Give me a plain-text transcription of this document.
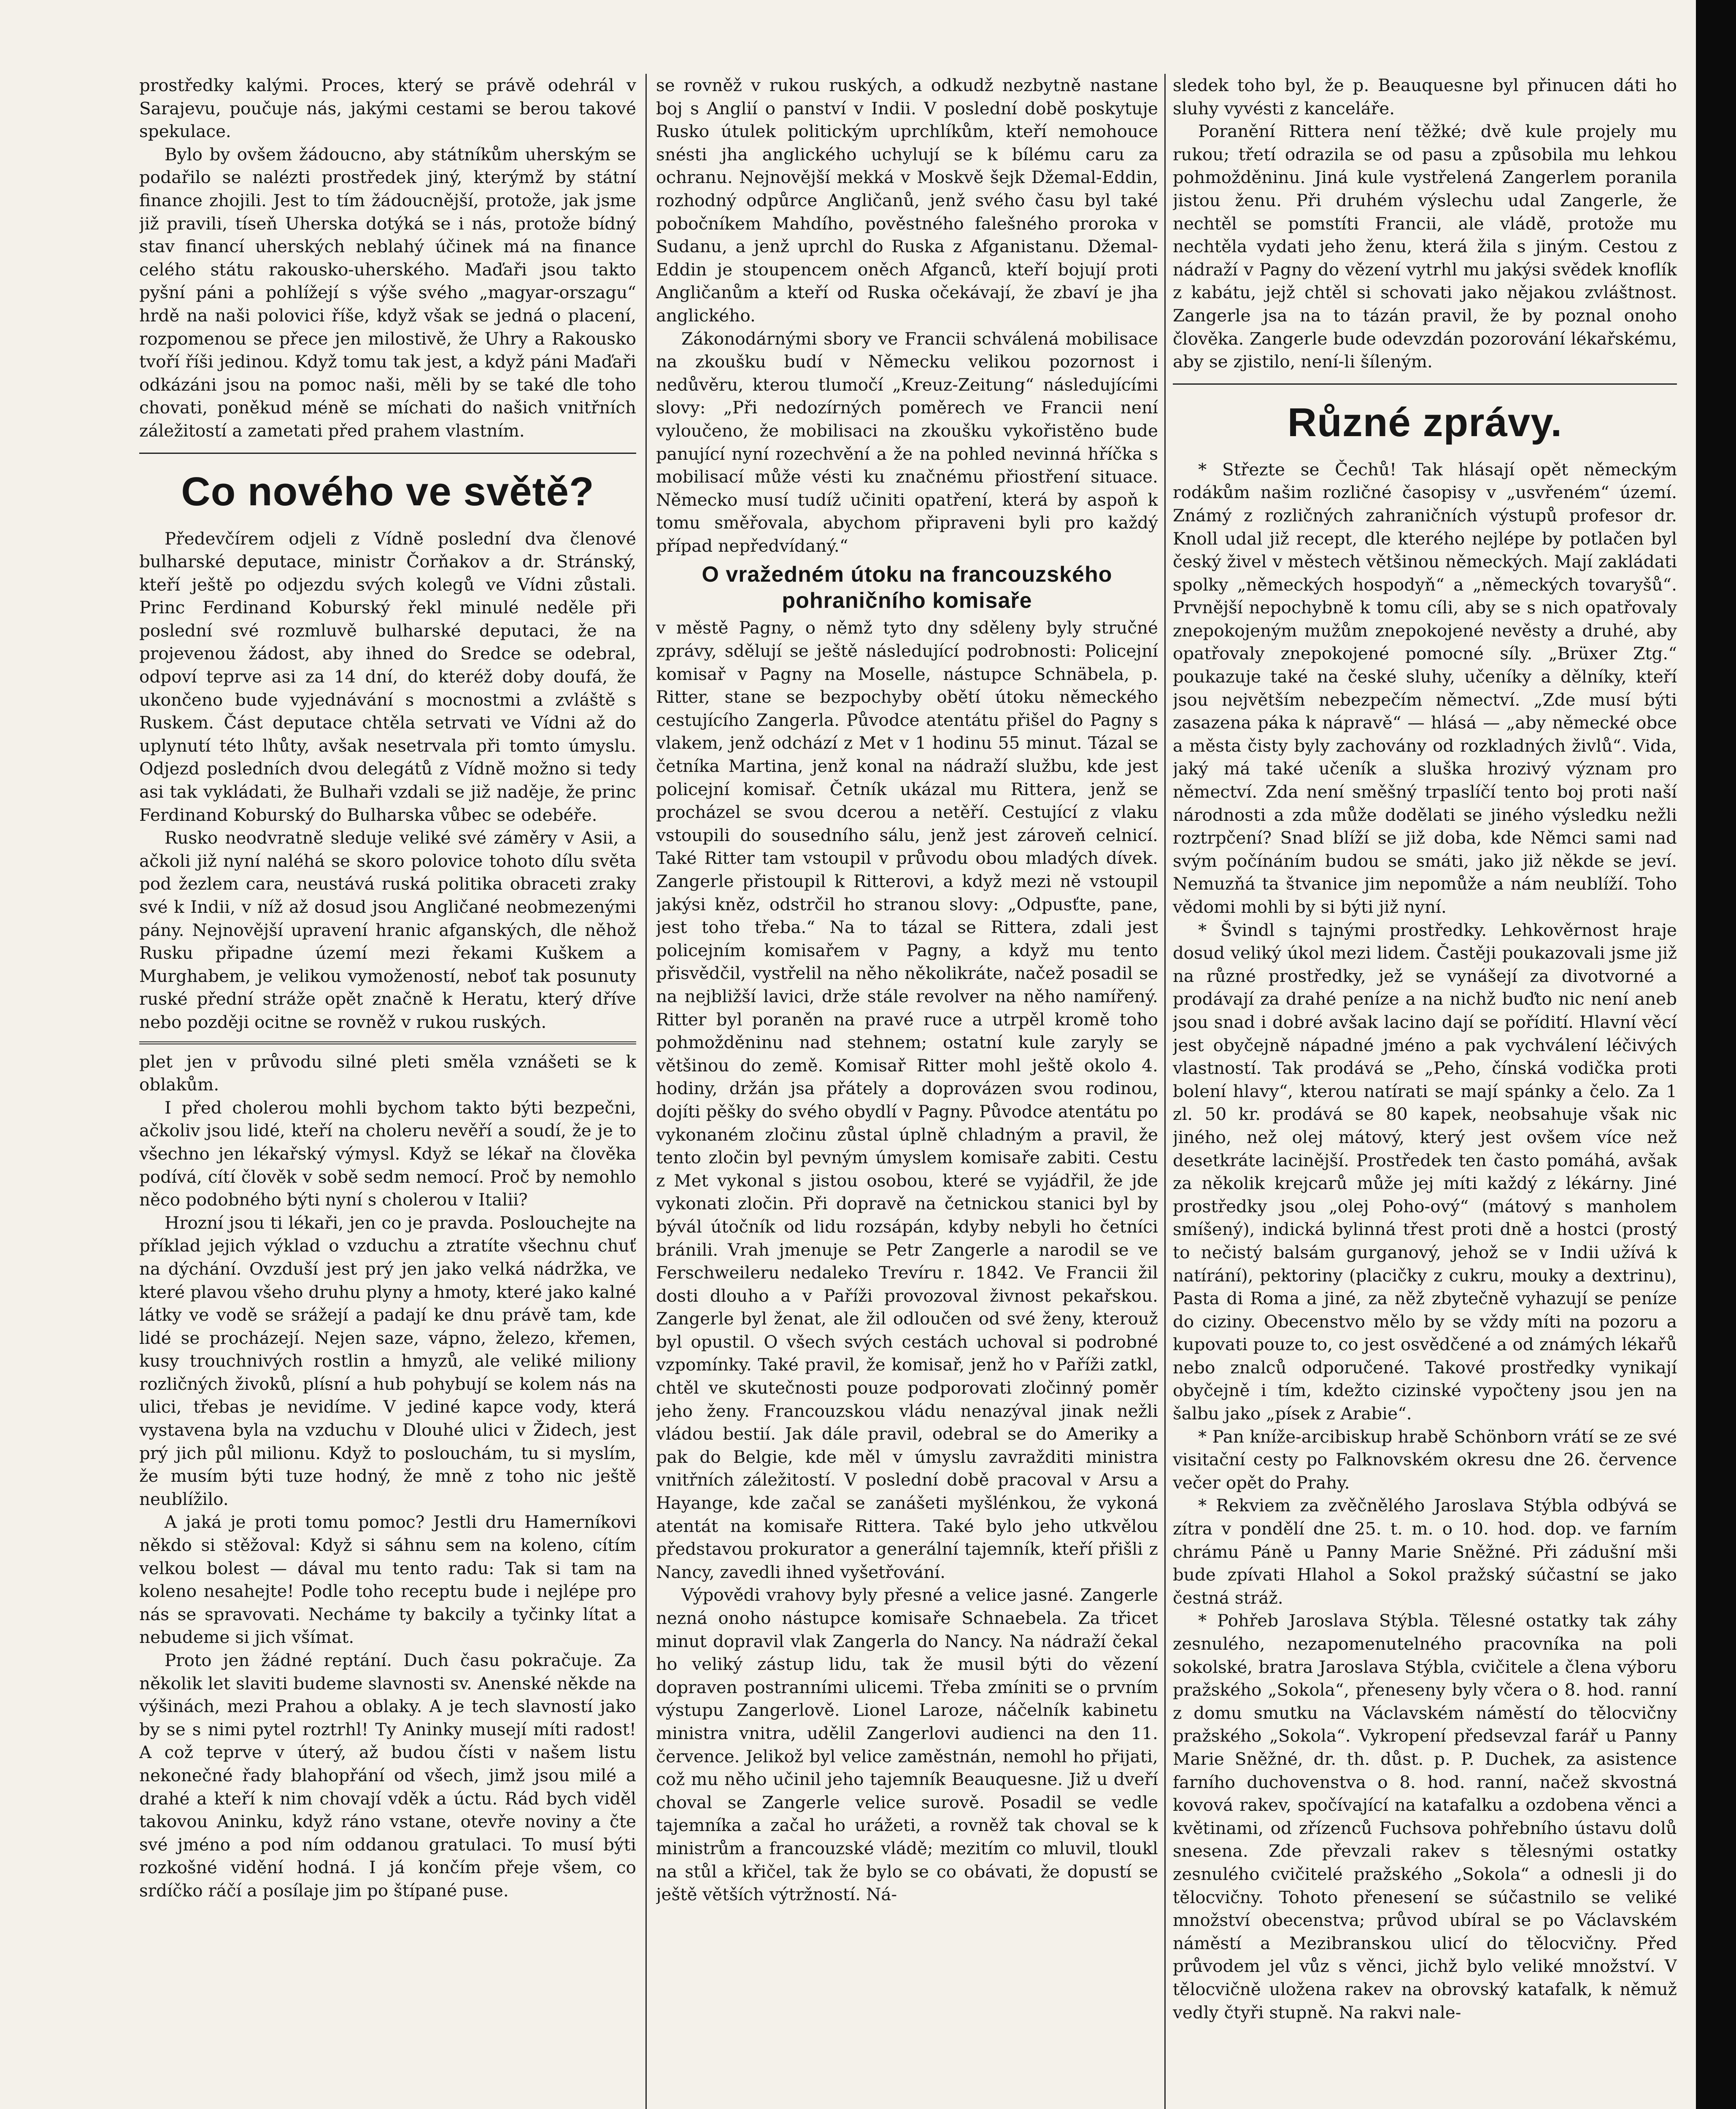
prostředky kalými. Proces, který se právě odehrál v Sarajevu, poučuje nás, jakými cestami se berou takové spekulace.

Bylo by ovšem žádoucno, aby státníkům uherským se podařilo se nalézti prostředek jiný, kterýmž by státní finance zhojili. Jest to tím žádoucnější, protože, jak jsme již pravili, tíseň Uherska dotýká se i nás, protože bídný stav financí uherských neblahý účinek má na finance celého státu rakousko-uherského. Maďaři jsou takto pyšní páni a pohlížejí s výše svého „magyar-orszagu“ hrdě na naši polovici říše, když však se jedná o placení, rozpomenou se přece jen milostivě, že Uhry a Rakousko tvoří říši jedinou. Když tomu tak jest, a když páni Maďaři odkázáni jsou na pomoc naši, měli by se také dle toho chovati, poněkud méně se míchati do našich vnitřních záležitostí a zametati před prahem vlastním.

Co nového ve světě?

Předevčírem odjeli z Vídně poslední dva členové bulharské deputace, ministr Čorňakov a dr. Stránský, kteří ještě po odjezdu svých kolegů ve Vídni zůstali. Princ Ferdinand Koburský řekl minulé neděle při poslední své rozmluvě bulharské deputaci, že na projevenou žádost, aby ihned do Sredce se odebral, odpoví teprve asi za 14 dní, do kteréž doby doufá, že ukončeno bude vyjednávání s mocnostmi a zvláště s Ruskem. Část deputace chtěla setrvati ve Vídni až do uplynutí této lhůty, avšak nesetrvala při tomto úmyslu. Odjezd posledních dvou delegátů z Vídně možno si tedy asi tak vykládati, že Bulhaři vzdali se již naděje, že princ Ferdinand Koburský do Bulharska vůbec se odebéře.

Rusko neodvratně sleduje veliké své záměry v Asii, a ačkoli již nyní naléhá se skoro polovice tohoto dílu světa pod žezlem cara, neustává ruská politika obraceti zraky své k Indii, v níž až dosud jsou Angličané neobmezenými pány. Nejnovější upravení hranic afganských, dle něhož Rusku připadne území mezi řekami Kuškem a Murghabem, je velikou vymožeností, neboť tak posunuty ruské přední stráže opět značně k Heratu, který dříve nebo později ocitne se rovněž v rukou ruských.

plet jen v průvodu silné pleti směla vznášeti se k oblakům.

I před cholerou mohli bychom takto býti bezpečni, ačkoliv jsou lidé, kteří na choleru nevěří a soudí, že je to všechno jen lékařský výmysl. Když se lékař na člověka podívá, cítí člověk v sobě sedm nemocí. Proč by nemohlo něco podobného býti nyní s cholerou v Italii?

Hrozní jsou ti lékaři, jen co je pravda. Poslouchejte na příklad jejich výklad o vzduchu a ztratíte všechnu chuť na dýchání. Ovzduší jest prý jen jako velká nádržka, ve které plavou všeho druhu plyny a hmoty, které jako kalné látky ve vodě se srážejí a padají ke dnu právě tam, kde lidé se procházejí. Nejen saze, vápno, železo, křemen, kusy trouchnivých rostlin a hmyzů, ale veliké miliony rozličných živoků, plísní a hub pohybují se kolem nás na ulici, třebas je nevidíme. V jediné kapce vody, která vystavena byla na vzduchu v Dlouhé ulici v Židech, jest prý jich půl milionu. Když to poslouchám, tu si myslím, že musím býti tuze hodný, že mně z toho nic ještě neublížilo.

A jaká je proti tomu pomoc? Jestli dru Hamerníkovi někdo si stěžoval: Když si sáhnu sem na koleno, cítím velkou bolest — dával mu tento radu: Tak si tam na koleno nesahejte! Podle toho receptu bude i nejlépe pro nás se spravovati. Necháme ty bakcily a tyčinky lítat a nebudeme si jich všímat.

Proto jen žádné reptání. Duch času pokračuje. Za několik let slaviti budeme slavnosti sv. Anenské někde na výšinách, mezi Prahou a oblaky. A je tech slavností jako by se s nimi pytel roztrhl! Ty Aninky musejí míti radost! A což teprve v úterý, až budou čísti v našem listu nekonečné řady blahopřání od všech, jimž jsou milé a drahé a kteří k nim chovají vděk a úctu. Rád bych viděl takovou Aninku, když ráno vstane, otevře noviny a čte své jméno a pod ním oddanou gratulaci. To musí býti rozkošné vidění hodná. I já končím přeje všem, co srdíčko ráčí a posílaje jim po štípané puse.

se rovněž v rukou ruských, a odkudž nezbytně nastane boj s Anglií o panství v Indii. V poslední době poskytuje Rusko útulek politickým uprchlíkům, kteří nemohouce snésti jha anglického uchylují se k bílému caru za ochranu. Nejnovější mekká v Moskvě šejk Džemal-Eddin, rozhodný odpůrce Angličanů, jenž svého času byl také pobočníkem Mahdího, pověstného falešného proroka v Sudanu, a jenž uprchl do Ruska z Afganistanu. Džemal-Eddin je stoupencem oněch Afganců, kteří bojují proti Angličanům a kteří od Ruska očekávají, že zbaví je jha anglického.

Zákonodárnými sbory ve Francii schválená mobilisace na zkoušku budí v Německu velikou pozornost i nedůvěru, kterou tlumočí „Kreuz-Zeitung“ následujícími slovy: „Při nedozírných poměrech ve Francii není vyloučeno, že mobilisaci na zkoušku vykořistěno bude panující nyní rozechvění a že na pohled nevinná hříčka s mobilisací může vésti ku značnému přiostření situace. Německo musí tudíž učiniti opatření, která by aspoň k tomu směřovala, abychom připraveni byli pro každý případ nepředvídaný.“

O vražedném útoku na francouzského pohraničního komisaře

v městě Pagny, o němž tyto dny sděleny byly stručné zprávy, sdělují se ještě následující podrobnosti: Policejní komisař v Pagny na Moselle, nástupce Schnäbela, p. Ritter, stane se bezpochyby obětí útoku německého cestujícího Zangerla. Původce atentátu přišel do Pagny s vlakem, jenž odchází z Met v 1 hodinu 55 minut. Tázal se četníka Martina, jenž konal na nádraží službu, kde jest policejní komisař. Četník ukázal mu Rittera, jenž se procházel se svou dcerou a netěří. Cestující z vlaku vstoupili do sousedního sálu, jenž jest zároveň celnicí. Také Ritter tam vstoupil v průvodu obou mladých dívek. Zangerle přistoupil k Ritterovi, a když mezi ně vstoupil jakýsi kněz, odstrčil ho stranou slovy: „Odpusťte, pane, jest toho třeba.“ Na to tázal se Rittera, zdali jest policejním komisařem v Pagny, a když mu tento přisvědčil, vystřelil na něho několikráte, načež posadil se na nejbližší lavici, drže stále revolver na něho namířený. Ritter byl poraněn na pravé ruce a utrpěl kromě toho pohmožděninu nad stehnem; ostatní kule zaryly se většinou do země. Komisař Ritter mohl ještě okolo 4. hodiny, držán jsa přátely a doprovázen svou rodinou, dojíti pěšky do svého obydlí v Pagny. Původce atentátu po vykonaném zločinu zůstal úplně chladným a pravil, že tento zločin byl pevným úmyslem komisaře zabiti. Cestu z Met vykonal s jistou osobou, které se vyjádřil, že jde vykonati zločin. Při dopravě na četnickou stanici byl by bývál útočník od lidu rozsápán, kdyby nebyli ho četníci bránili. Vrah jmenuje se Petr Zangerle a narodil se ve Ferschweileru nedaleko Trevíru r. 1842. Ve Francii žil dosti dlouho a v Paříži provozoval živnost pekařskou. Zangerle byl ženat, ale žil odloučen od své ženy, kterouž byl opustil. O všech svých cestách uchoval si podrobné vzpomínky. Také pravil, že komisař, jenž ho v Paříži zatkl, chtěl ve skutečnosti pouze podporovati zločinný poměr jeho ženy. Francouzskou vládu nenazýval jinak nežli vládou bestií. Jak dále pravil, odebral se do Ameriky a pak do Belgie, kde měl v úmyslu zavražditi ministra vnitřních záležitostí. V poslední době pracoval v Arsu a Hayange, kde začal se zanášeti myšlénkou, že vykoná atentát na komisaře Rittera. Také bylo jeho utkvělou představou prokurator a generální tajemník, kteří přišli z Nancy, zavedli ihned vyšetřování.

Výpovědi vrahovy byly přesné a velice jasné. Zangerle nezná onoho nástupce komisaře Schnaebela. Za třicet minut dopravil vlak Zangerla do Nancy. Na nádraží čekal ho veliký zástup lidu, tak že musil býti do vězení dopraven postranními ulicemi. Třeba zmíniti se o prvním výstupu Zangerlově. Lionel Laroze, náčelník kabinetu ministra vnitra, udělil Zangerlovi audienci na den 11. července. Jelikož byl velice zaměstnán, nemohl ho přijati, což mu něho učinil jeho tajemník Beauquesne. Již u dveří choval se Zangerle velice surově. Posadil se vedle tajemníka a začal ho urážeti, a rovněž tak choval se k ministrům a francouzské vládě; mezitím co mluvil, tloukl na stůl a křičel, tak že bylo se co obávati, že dopustí se ještě větších výtržností. Ná-

sledek toho byl, že p. Beauquesne byl přinucen dáti ho sluhy vyvésti z kanceláře.

Poranění Rittera není těžké; dvě kule projely mu rukou; třetí odrazila se od pasu a způsobila mu lehkou pohmožděninu. Jiná kule vystřelená Zangerlem poranila jistou ženu. Při druhém výslechu udal Zangerle, že nechtěl se pomstíti Francii, ale vládě, protože mu nechtěla vydati jeho ženu, která žila s jiným. Cestou z nádraží v Pagny do vězení vytrhl mu jakýsi svědek knoflík z kabátu, jejž chtěl si schovati jako nějakou zvláštnost. Zangerle jsa na to tázán pravil, že by poznal onoho člověka. Zangerle bude odevzdán pozorování lékařskému, aby se zjistilo, není-li šíleným.

Různé zprávy.

* Střezte se Čechů! Tak hlásají opět německým rodákům našim rozličné časopisy v „usvřeném“ území. Známý z rozličných zahraničních výstupů profesor dr. Knoll udal již recept, dle kterého nejlépe by potlačen byl český živel v městech většinou německých. Mají zakládati spolky „německých hospodyň“ a „německých tovaryšů“. Prvnější nepochybně k tomu cíli, aby se s nich opatřovaly znepokojeným mužům znepokojené nevěsty a druhé, aby opatřovaly znepokojené pomocné síly. „Brüxer Ztg.“ poukazuje také na české sluhy, učeníky a dělníky, kteří jsou největším nebezpečím němectví. „Zde musí býti zasazena páka k nápravě“ — hlásá — „aby německé obce a města čisty byly zachovány od rozkladných živlů“. Vida, jaký má také učeník a sluška hrozivý význam pro němectví. Zda není směšný trpaslíčí tento boj proti naší národnosti a zda může dodělati se jiného výsledku nežli roztrpčení? Snad blíží se již doba, kde Němci sami nad svým počínáním budou se smáti, jako již někde se jeví. Nemuzňá ta štvanice jim nepomůže a nám neublíží. Toho vědomi mohli by si býti již nyní.

* Švindl s tajnými prostředky. Lehkověrnost hraje dosud veliký úkol mezi lidem. Častěji poukazovali jsme již na různé prostředky, jež se vynášejí za divotvorné a prodávají za drahé peníze a na nichž buďto nic není aneb jsou snad i dobré avšak lacino dají se pořídití. Hlavní věcí jest obyčejně nápadné jméno a pak vychválení léčivých vlastností. Tak prodává se „Peho, čínská vodička proti bolení hlavy“, kterou natírati se mají spánky a čelo. Za 1 zl. 50 kr. prodává se 80 kapek, neobsahuje však nic jiného, než olej mátový, který jest ovšem více než desetkráte lacinější. Prostředek ten často pomáhá, avšak za několik krejcarů může jej míti každý z lékárny. Jiné prostředky jsou „olej Poho-ový“ (mátový s manholem smíšený), indická bylinná třest proti dně a hostci (prostý to nečistý balsám gurganový, jehož se v Indii užívá k natírání), pektoriny (placičky z cukru, mouky a dextrinu), Pasta di Roma a jiné, za něž zbytečně vyhazují se peníze do ciziny. Obecenstvo mělo by se vždy míti na pozoru a kupovati pouze to, co jest osvědčené a od známých lékařů nebo znalců odporučené. Takové prostředky vynikají obyčejně i tím, kdežto cizinské vypočteny jsou jen na šalbu jako „písek z Arabie“.

* Pan kníže-arcibiskup hrabě Schönborn vrátí se ze své visitační cesty po Falknovském okresu dne 26. července večer opět do Prahy.

* Rekviem za zvěčnělého Jaroslava Stýbla odbývá se zítra v pondělí dne 25. t. m. o 10. hod. dop. ve farním chrámu Páně u Panny Marie Sněžné. Při zádušní mši bude zpívati Hlahol a Sokol pražský súčastní se jako čestná stráž.

* Pohřeb Jaroslava Stýbla. Tělesné ostatky tak záhy zesnulého, nezapomenutelného pracovníka na poli sokolské, bratra Jaroslava Stýbla, cvičitele a člena výboru pražského „Sokola“, přeneseny byly včera o 8. hod. ranní z domu smutku na Václavském náměstí do tělocvičny pražského „Sokola“. Vykropení předsevzal farář u Panny Marie Sněžné, dr. th. důst. p. P. Duchek, za asistence farního duchovenstva o 8. hod. ranní, načež skvostná kovová rakev, spočívající na katafalku a ozdobena věnci a květinami, od zřízenců Fuchsova pohřebního ústavu dolů snesena. Zde převzali rakev s tělesnými ostatky zesnulého cvičitelé pražského „Sokola“ a odnesli ji do tělocvičny. Tohoto přenesení se súčastnilo se veliké množství obecenstva; průvod ubíral se po Václavském náměstí a Mezibranskou ulicí do tělocvičny. Před průvodem jel vůz s věnci, jichž bylo veliké množství. V tělocvičně uložena rakev na obrovský katafalk, k němuž vedly čtyři stupně. Na rakvi nale-
